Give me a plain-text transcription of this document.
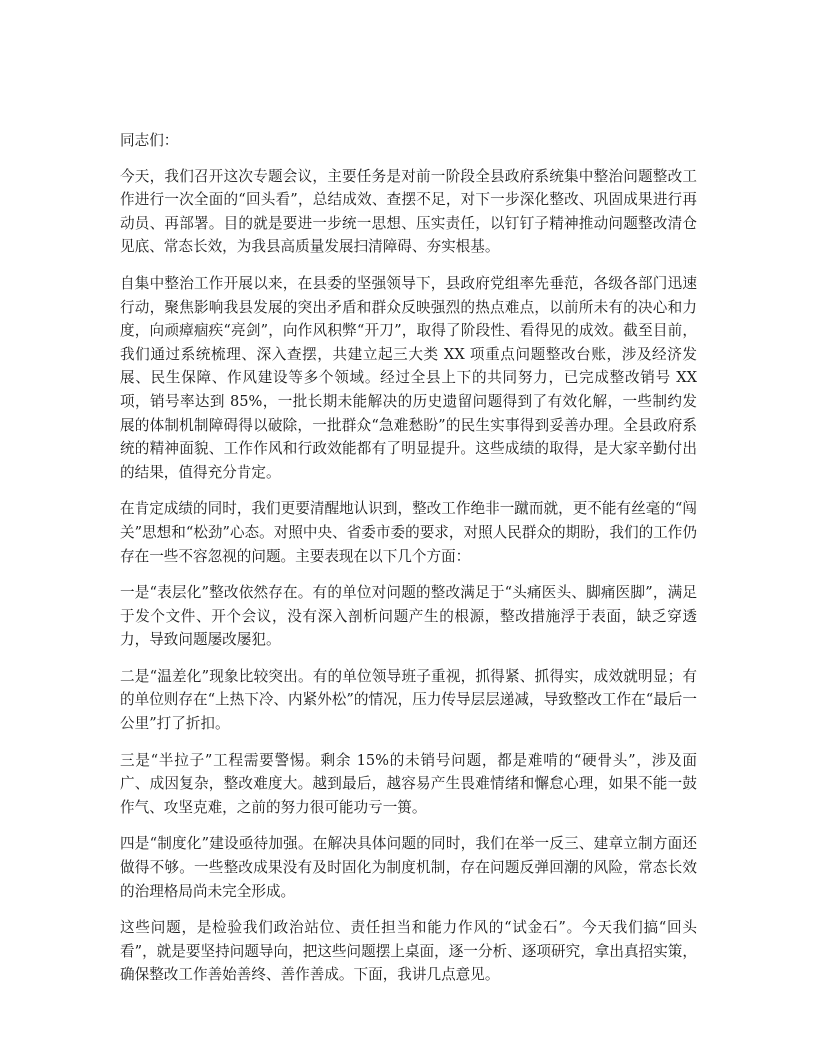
同志们：

今天，我们召开这次专题会议，主要任务是对前一阶段全县政府系统集中整治问题整改工作进行一次全面的“回头看”，总结成效、查摆不足，对下一步深化整改、巩固成果进行再动员、再部署。目的就是要进一步统一思想、压实责任，以钉钉子精神推动问题整改清仓见底、常态长效，为我县高质量发展扫清障碍、夯实根基。

自集中整治工作开展以来，在县委的坚强领导下，县政府党组率先垂范，各级各部门迅速行动，聚焦影响我县发展的突出矛盾和群众反映强烈的热点难点，以前所未有的决心和力度，向顽瘴痼疾“亮剑”，向作风积弊“开刀”，取得了阶段性、看得见的成效。截至目前，我们通过系统梳理、深入查摆，共建立起三大类 XX 项重点问题整改台账，涉及经济发展、民生保障、作风建设等多个领域。经过全县上下的共同努力，已完成整改销号 XX 项，销号率达到 85%，一批长期未能解决的历史遗留问题得到了有效化解，一些制约发展的体制机制障碍得以破除，一批群众“急难愁盼”的民生实事得到妥善办理。全县政府系统的精神面貌、工作作风和行政效能都有了明显提升。这些成绩的取得，是大家辛勤付出的结果，值得充分肯定。

在肯定成绩的同时，我们更要清醒地认识到，整改工作绝非一蹴而就，更不能有丝毫的“闯关”思想和“松劲”心态。对照中央、省委市委的要求，对照人民群众的期盼，我们的工作仍存在一些不容忽视的问题。主要表现在以下几个方面：

一是“表层化”整改依然存在。有的单位对问题的整改满足于“头痛医头、脚痛医脚”，满足于发个文件、开个会议，没有深入剖析问题产生的根源，整改措施浮于表面，缺乏穿透力，导致问题屡改屡犯。

二是“温差化”现象比较突出。有的单位领导班子重视，抓得紧、抓得实，成效就明显；有的单位则存在“上热下冷、内紧外松”的情况，压力传导层层递减，导致整改工作在“最后一公里”打了折扣。

三是“半拉子”工程需要警惕。剩余 15%的未销号问题，都是难啃的“硬骨头”，涉及面广、成因复杂，整改难度大。越到最后，越容易产生畏难情绪和懈怠心理，如果不能一鼓作气、攻坚克难，之前的努力很可能功亏一篑。

四是“制度化”建设亟待加强。在解决具体问题的同时，我们在举一反三、建章立制方面还做得不够。一些整改成果没有及时固化为制度机制，存在问题反弹回潮的风险，常态长效的治理格局尚未完全形成。

这些问题，是检验我们政治站位、责任担当和能力作风的“试金石”。今天我们搞“回头看”，就是要坚持问题导向，把这些问题摆上桌面，逐一分析、逐项研究，拿出真招实策，确保整改工作善始善终、善作善成。下面，我讲几点意见。
